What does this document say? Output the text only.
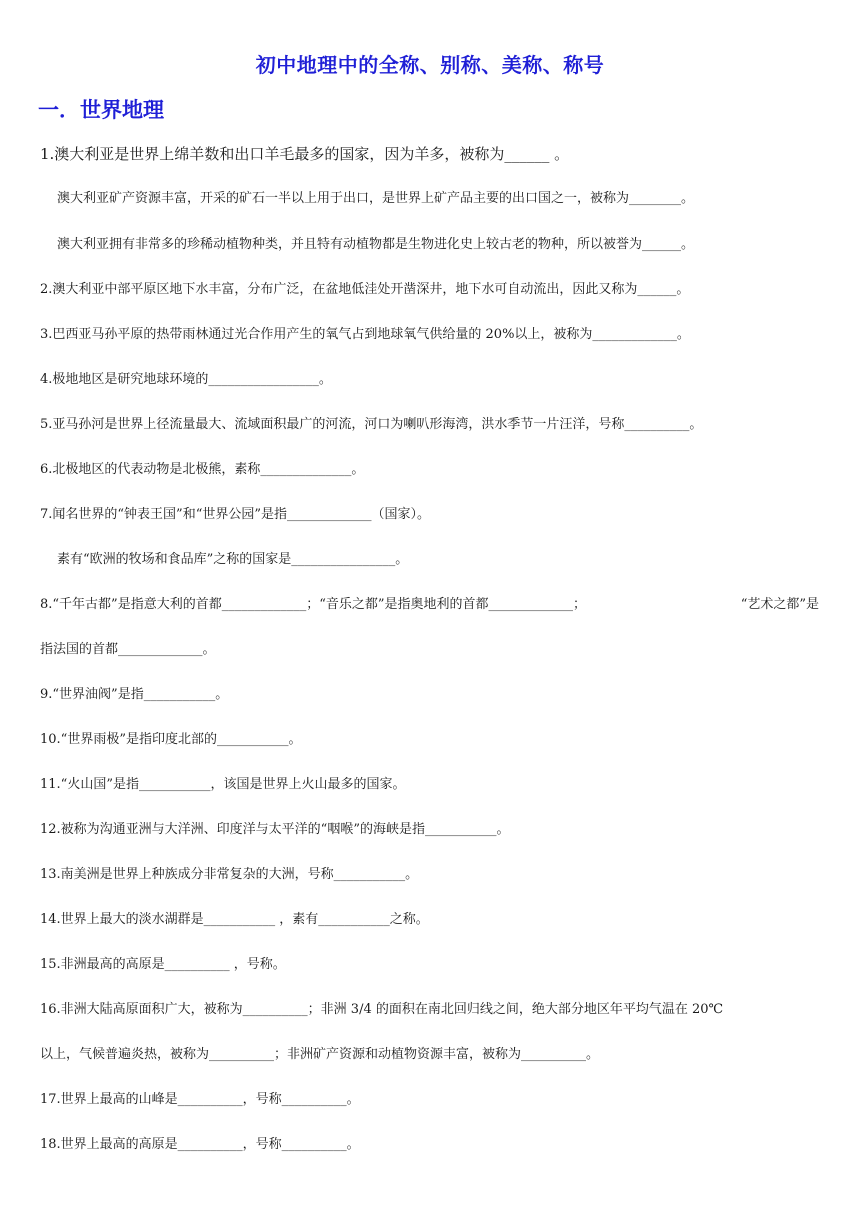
初中地理中的全称、别称、美称、称号
一．世界地理
1.澳大利亚是世界上绵羊数和出口羊毛最多的国家，因为羊多，被称为______ 。
澳大利亚矿产资源丰富，开采的矿石一半以上用于出口，是世界上矿产品主要的出口国之一，被称为________。
澳大利亚拥有非常多的珍稀动植物种类，并且特有动植物都是生物进化史上较古老的物种，所以被誉为______。
2.澳大利亚中部平原区地下水丰富，分布广泛，在盆地低洼处开凿深井，地下水可自动流出，因此又称为______。
3.巴西亚马孙平原的热带雨林通过光合作用产生的氧气占到地球氧气供给量的 20%以上，被称为_____________。
4.极地地区是研究地球环境的_________________。
5.亚马孙河是世界上径流量最大、流域面积最广的河流，河口为喇叭形海湾，洪水季节一片汪洋，号称__________。
6.北极地区的代表动物是北极熊，素称______________。
7.闻名世界的“钟表王国”和“世界公园”是指_____________（国家）。
素有“欧洲的牧场和食品库”之称的国家是________________。
8.“千年古都”是指意大利的首都_____________；“音乐之都”是指奥地利的首都_____________；	“艺术之都”是
指法国的首都_____________。
9.“世界油阀”是指___________。
10.“世界雨极”是指印度北部的___________。
11.“火山国”是指___________，该国是世界上火山最多的国家。
12.被称为沟通亚洲与大洋洲、印度洋与太平洋的“咽喉”的海峡是指___________。
13.南美洲是世界上种族成分非常复杂的大洲，号称___________。
14.世界上最大的淡水湖群是___________ ，素有___________之称。
15.非洲最高的高原是__________ ，号称。
16.非洲大陆高原面积广大，被称为__________；非洲 3/4 的面积在南北回归线之间，绝大部分地区年平均气温在 20℃
以上，气候普遍炎热，被称为__________；非洲矿产资源和动植物资源丰富，被称为__________。
17.世界上最高的山峰是__________，号称__________。
18.世界上最高的高原是__________，号称__________。
